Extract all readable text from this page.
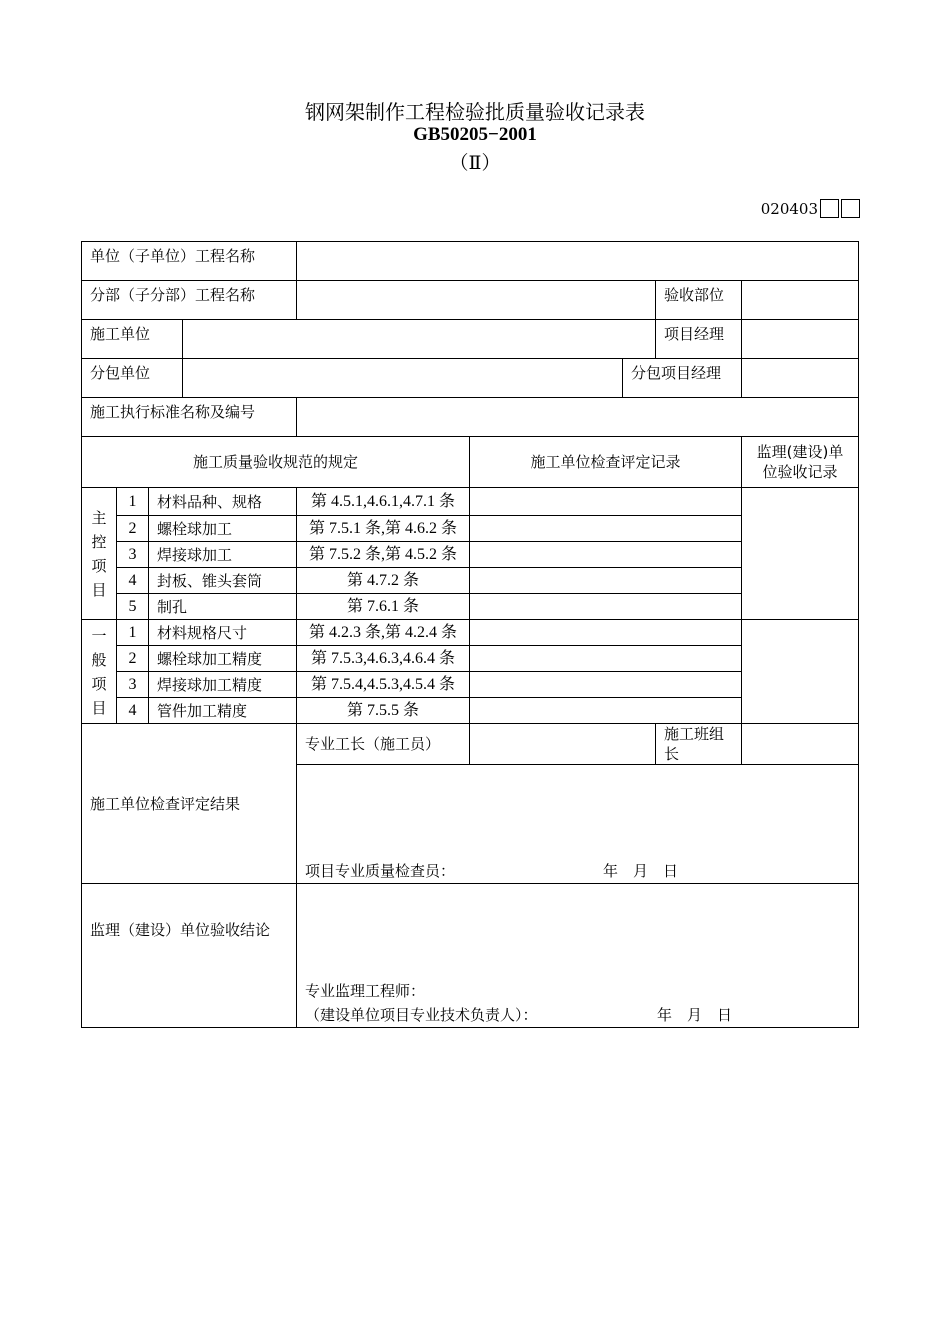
钢网架制作工程检验批质量验收记录表
GB50205−2001
（Ⅱ）
020403
单位（子单位）工程名称								
分部（子分部）工程名称							验收部位	
施工单位							项目经理	
分包单位						分包项目经理		
施工执行标准名称及编号								
施工质量验收规范的规定					施工单位检查评定记录			监理(建设)单
位验收记录
主
控
项
目	1	材料品种、规格		第 4.5.1,4.6.1,4.7.1 条				
	2	螺栓球加工		第 7.5.1 条,第 4.6.2 条				
	3	焊接球加工		第 7.5.2 条,第 4.5.2 条				
	4	封板、锥头套筒		第 4.7.2 条				
	5	制孔		第 7.6.1 条				
一
般
项
目	1	材料规格尺寸		第 4.2.3 条,第 4.2.4 条				
	2	螺栓球加工精度		第 7.5.3,4.6.3,4.6.4 条				
	3	焊接球加工精度		第 7.5.4,4.5.3,4.5.4 条				
	4	管件加工精度		第 7.5.5 条				
施工单位检查评定结果				专业工长（施工员）			施工班组长	

				项目专业质量检查员： 年　月　日				

监理（建设）单位验收结论				专业监理工程师：
（建设单位项目专业技术负责人）： 年　月　日				
